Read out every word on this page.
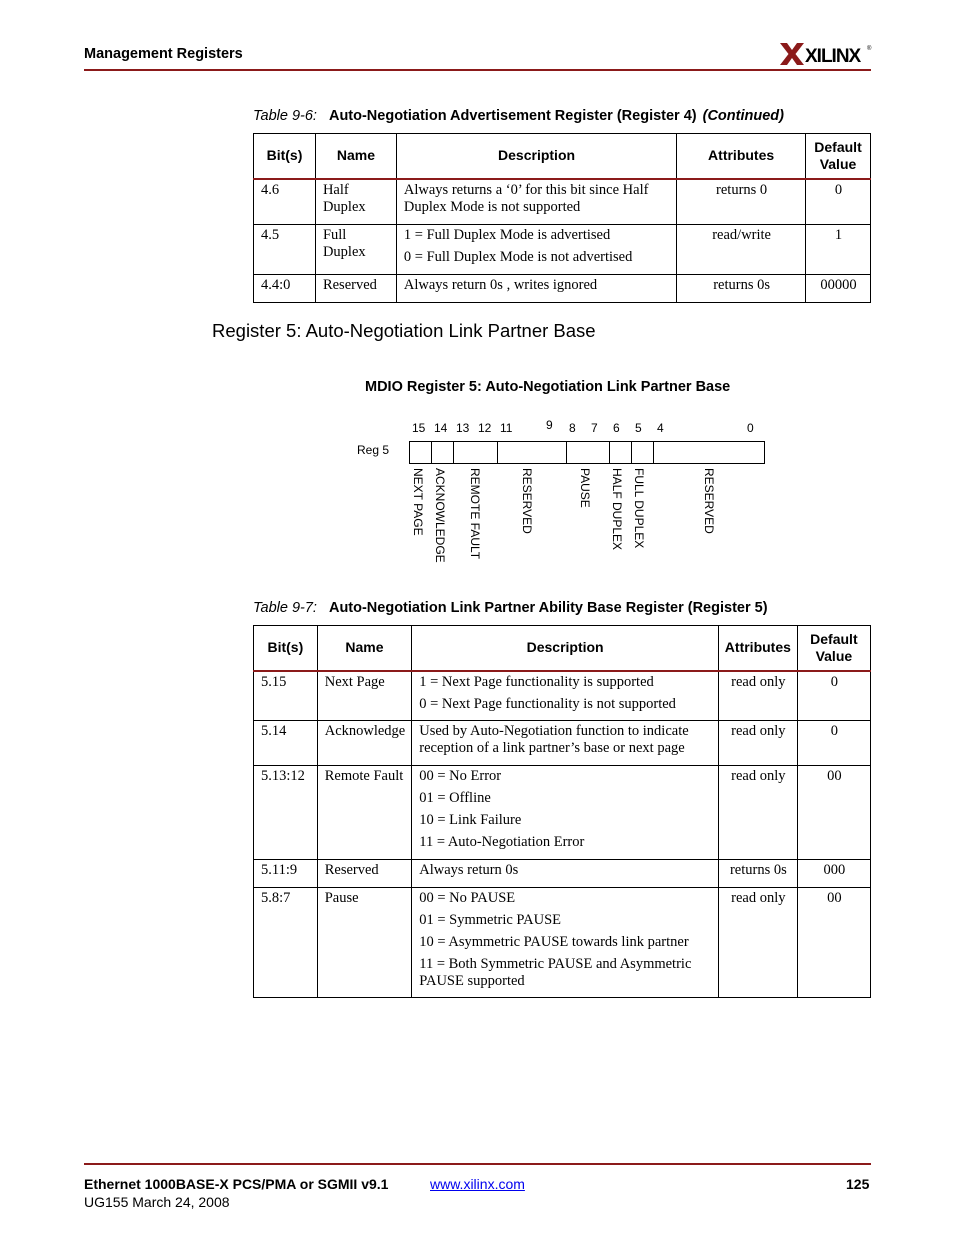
Management Registers	XILINX ®
Table 9-6: Auto-Negotiation Advertisement Register (Register 4) (Continued)
Bit(s)	Name	Description	Attributes	Default Value
4.6	Half Duplex	Always returns a ‘0’ for this bit since Half Duplex Mode is not supported	returns 0	0
4.5	Full Duplex	1 = Full Duplex Mode is advertised
0 = Full Duplex Mode is not advertised	read/write	1
4.4:0	Reserved	Always return 0s , writes ignored	returns 0s	00000
Register 5: Auto-Negotiation Link Partner Base
MDIO Register 5: Auto-Negotiation Link Partner Base
Reg 5
15 14 13 12 11	9 8 7 6 5 4	0
NEXT PAGE ACKNOWLEDGE REMOTE FAULT	RESERVED	PAUSE HALF DUPLEX FULL DUPLEX	RESERVED
Table 9-7: Auto-Negotiation Link Partner Ability Base Register (Register 5)
Bit(s)	Name	Description	Attributes	Default Value
5.15	Next Page	1 = Next Page functionality is supported
0 = Next Page functionality is not supported	read only	0
5.14	Acknowledge	Used by Auto-Negotiation function to indicate reception of a link partner’s base or next page	read only	0
5.13:12	Remote Fault	00 = No Error
01 = Offline
10 = Link Failure
11 = Auto-Negotiation Error	read only	00
5.11:9	Reserved	Always return 0s	returns 0s	000
5.8:7	Pause	00 = No PAUSE
01 = Symmetric PAUSE
10 = Asymmetric PAUSE towards link partner
11 = Both Symmetric PAUSE and Asymmetric PAUSE supported	read only	00
Ethernet 1000BASE-X PCS/PMA or SGMII v9.1
UG155 March 24, 2008
www.xilinx.com	125
